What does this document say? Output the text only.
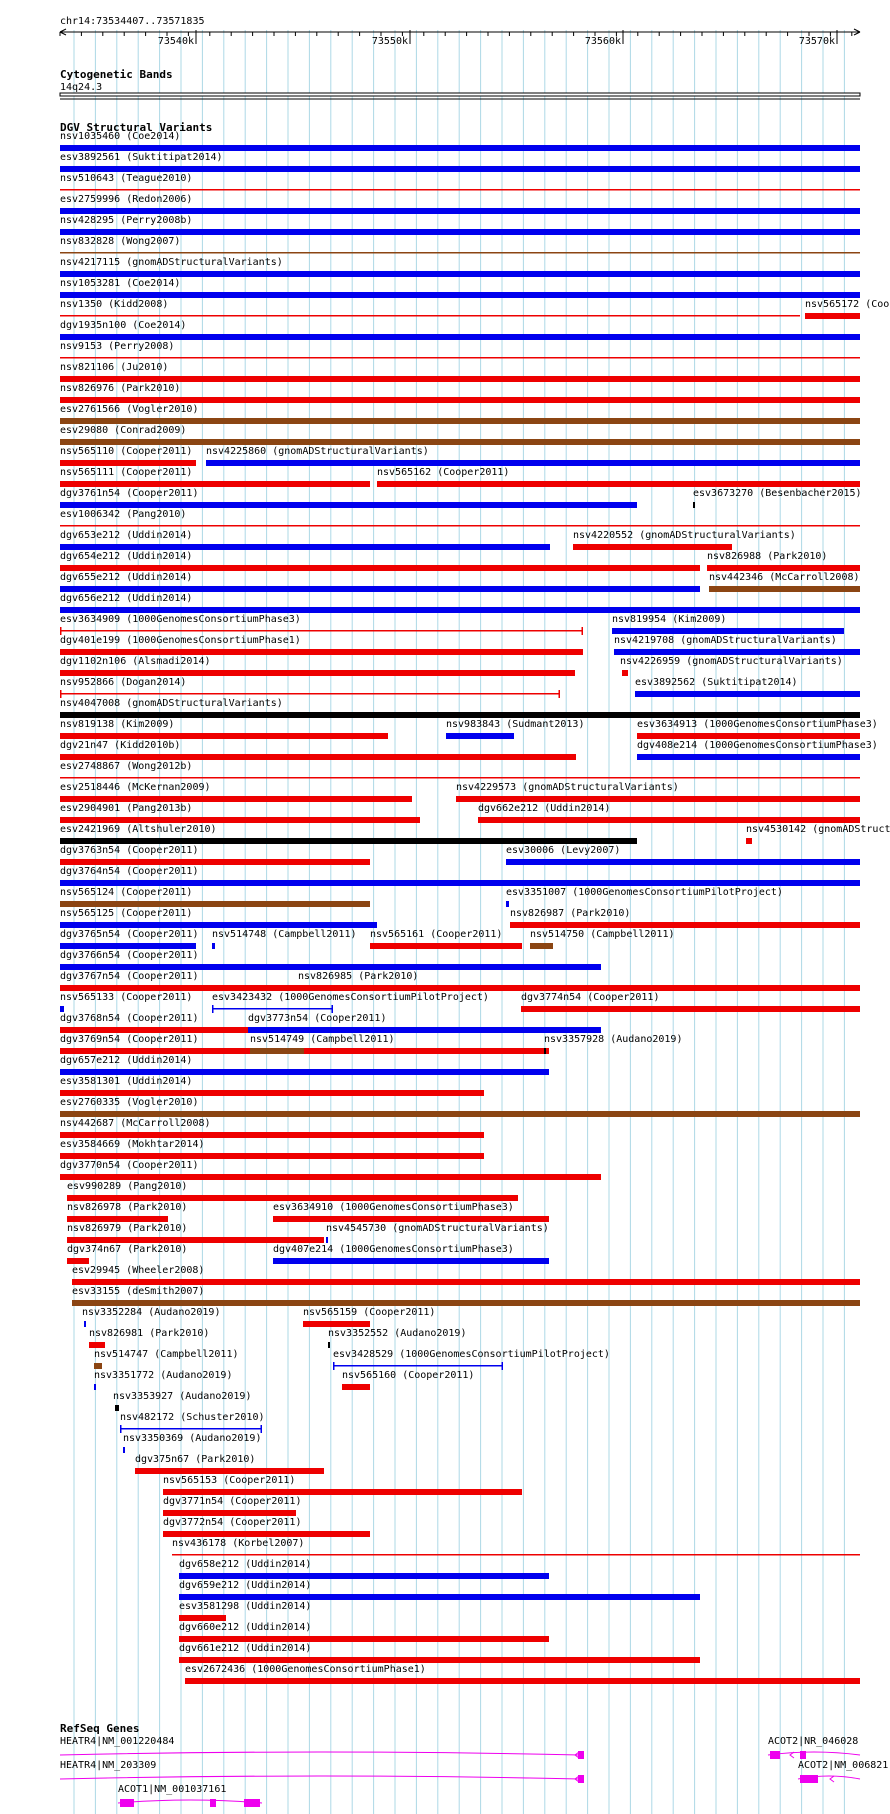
chr14:73534407..73571835
73540k	73550k	73560k	73570k
Cytogenetic Bands
14q24.3
DGV Structural Variants
nsv1035460 (Coe2014)
esv3892561 (Suktitipat2014)
nsv510643 (Teague2010)
esv2759996 (Redon2006)
nsv428295 (Perry2008b)
nsv832828 (Wong2007)
nsv4217115 (gnomADStructuralVariants)
nsv1053281 (Coe2014)
nsv1350 (Kidd2008)	nsv565172 (Coo
dgv1935n100 (Coe2014)
nsv9153 (Perry2008)
nsv821106 (Ju2010)
nsv826976 (Park2010)
esv2761566 (Vogler2010)
esv29080 (Conrad2009)
nsv565110 (Cooper2011) nsv4225860 (gnomADStructuralVariants)
nsv565111 (Cooper2011)	nsv565162 (Cooper2011)
dgv3761n54 (Cooper2011)	esv3673270 (Besenbacher2015)
esv1006342 (Pang2010)
dgv653e212 (Uddin2014)	nsv4220552 (gnomADStructuralVariants)
dgv654e212 (Uddin2014)	nsv826988 (Park2010)
dgv655e212 (Uddin2014)	nsv442346 (McCarroll2008)
dgv656e212 (Uddin2014)
esv3634909 (1000GenomesConsortiumPhase3)	nsv819954 (Kim2009)
dgv401e199 (1000GenomesConsortiumPhase1)	nsv4219708 (gnomADStructuralVariants)
dgv1102n106 (Alsmadi2014)	nsv4226959 (gnomADStructuralVariants)
nsv952866 (Dogan2014)	esv3892562 (Suktitipat2014)
nsv4047008 (gnomADStructuralVariants)
nsv819138 (Kim2009)	nsv983843 (Sudmant2013)	esv3634913 (1000GenomesConsortiumPhase3)
dgv21n47 (Kidd2010b)	dgv408e214 (1000GenomesConsortiumPhase3)
esv2748867 (Wong2012b)
esv2518446 (McKernan2009)	nsv4229573 (gnomADStructuralVariants)
esv2904901 (Pang2013b)	dgv662e212 (Uddin2014)
esv2421969 (Altshuler2010)	nsv4530142 (gnomADStruct
dgv3763n54 (Cooper2011)	esv30006 (Levy2007)
dgv3764n54 (Cooper2011)
nsv565124 (Cooper2011)	esv3351007 (1000GenomesConsortiumPilotProject)
nsv565125 (Cooper2011)	nsv826987 (Park2010)
dgv3765n54 (Cooper2011) nsv514748 (Campbell2011) nsv565161 (Cooper2011)	nsv514750 (Campbell2011)
dgv3766n54 (Cooper2011)
dgv3767n54 (Cooper2011)	nsv826985 (Park2010)
nsv565133 (Cooper2011) esv3423432 (1000GenomesConsortiumPilotProject)	dgv3774n54 (Cooper2011)
dgv3768n54 (Cooper2011)	dgv3773n54 (Cooper2011)
dgv3769n54 (Cooper2011)	nsv514749 (Campbell2011)	nsv3357928 (Audano2019)
dgv657e212 (Uddin2014)
esv3581301 (Uddin2014)
esv2760335 (Vogler2010)
nsv442687 (McCarroll2008)
esv3584669 (Mokhtar2014)
dgv3770n54 (Cooper2011)
esv990289 (Pang2010)
nsv826978 (Park2010)	esv3634910 (1000GenomesConsortiumPhase3)
nsv826979 (Park2010)	nsv4545730 (gnomADStructuralVariants)
dgv374n67 (Park2010)	dgv407e214 (1000GenomesConsortiumPhase3)
esv29945 (Wheeler2008)
esv33155 (deSmith2007)
nsv3352284 (Audano2019)	nsv565159 (Cooper2011)
nsv826981 (Park2010)	nsv3352552 (Audano2019)
nsv514747 (Campbell2011)	esv3428529 (1000GenomesConsortiumPilotProject)
nsv3351772 (Audano2019)	nsv565160 (Cooper2011)
nsv3353927 (Audano2019)
nsv482172 (Schuster2010)
nsv3350369 (Audano2019)
dgv375n67 (Park2010)
nsv565153 (Cooper2011)
dgv3771n54 (Cooper2011)
dgv3772n54 (Cooper2011)
nsv436178 (Korbel2007)
dgv658e212 (Uddin2014)
dgv659e212 (Uddin2014)
esv3581298 (Uddin2014)
dgv660e212 (Uddin2014)
dgv661e212 (Uddin2014)
esv2672436 (1000GenomesConsortiumPhase1)
RefSeq Genes
HEATR4|NM_001220484	ACOT2|NR_046028
HEATR4|NM_203309	ACOT2|NM_006821
ACOT1|NM_001037161
